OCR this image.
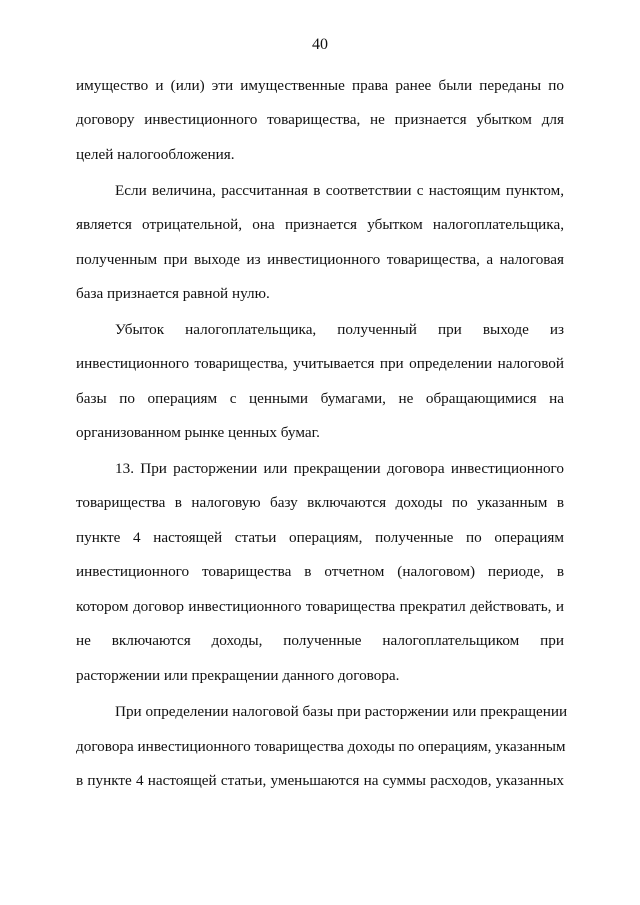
40
имущество и (или) эти имущественные права ранее были переданы по
договору инвестиционного товарищества, не признается убытком для
целей налогообложения.
Если величина, рассчитанная в соответствии с настоящим пунктом,
является отрицательной, она признается убытком налогоплательщика,
полученным при выходе из инвестиционного товарищества, а налоговая
база признается равной нулю.
Убыток налогоплательщика, полученный при выходе из
инвестиционного товарищества, учитывается при определении налоговой
базы по операциям с ценными бумагами, не обращающимися на
организованном рынке ценных бумаг.
13. При расторжении или прекращении договора инвестиционного
товарищества в налоговую базу включаются доходы по указанным в
пункте 4 настоящей статьи операциям, полученные по операциям
инвестиционного товарищества в отчетном (налоговом) периоде, в
котором договор инвестиционного товарищества прекратил действовать, и
не включаются доходы, полученные налогоплательщиком при
расторжении или прекращении данного договора.
При определении налоговой базы при расторжении или прекращении
договора инвестиционного товарищества доходы по операциям, указанным
в пункте 4 настоящей статьи, уменьшаются на суммы расходов, указанных
